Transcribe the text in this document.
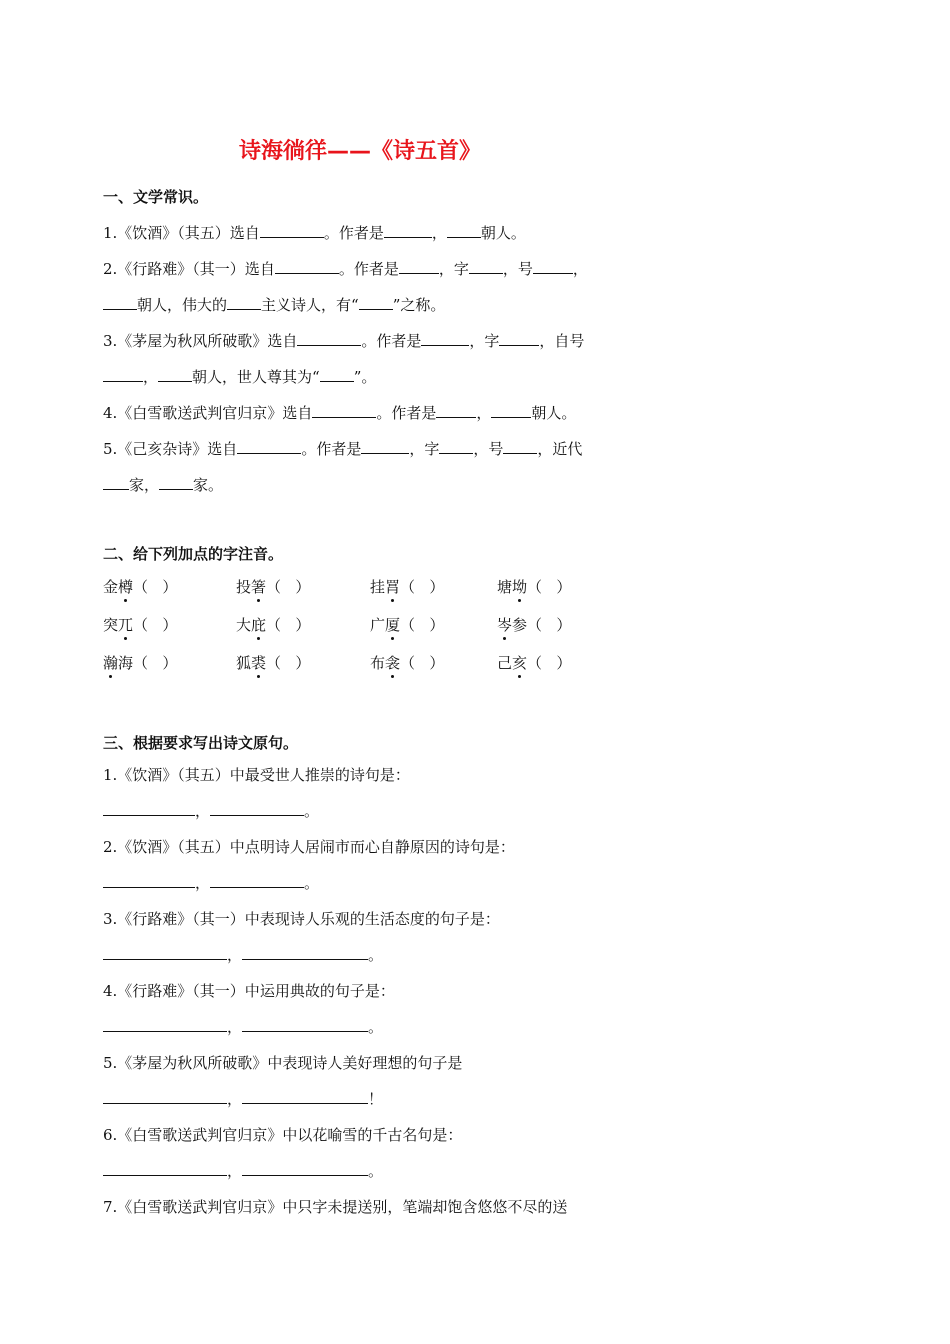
诗海徜徉——《诗五首》
一、文学常识。
1.《饮酒》（其五）选自	。作者是	， 朝人。
2.《行路难》（其一）选自	。作者是	，字 ，号	，
朝人，伟大的 主义诗人，有“ ”之称。
3.《茅屋为秋风所破歌》选自	。作者是	，字	，自号
， 朝人，世人尊其为“ ”。
4.《白雪歌送武判官归京》选自	。作者是	，	朝人。
5.《己亥杂诗》选自	。作者是	，字 ，号 ，近代
家， 家。
二、给下列加点的字注音。
金樽（   ）	投箸（   ）	挂罥（   ）	塘坳（   ）
突兀（   ）	大庇（   ）	广厦（   ）	岑参（   ）
瀚海（   ）	狐裘（   ）	布衾（   ）	己亥（   ）
三、根据要求写出诗文原句。
1.《饮酒》（其五）中最受世人推崇的诗句是：
，	。
2.《饮酒》（其五）中点明诗人居闹市而心自静原因的诗句是：
，	。
3.《行路难》（其一）中表现诗人乐观的生活态度的句子是：
，	。
4.《行路难》（其一）中运用典故的句子是：
，	。
5.《茅屋为秋风所破歌》中表现诗人美好理想的句子是
，	！
6.《白雪歌送武判官归京》中以花喻雪的千古名句是：
，	。
7.《白雪歌送武判官归京》中只字未提送别，笔端却饱含悠悠不尽的送
